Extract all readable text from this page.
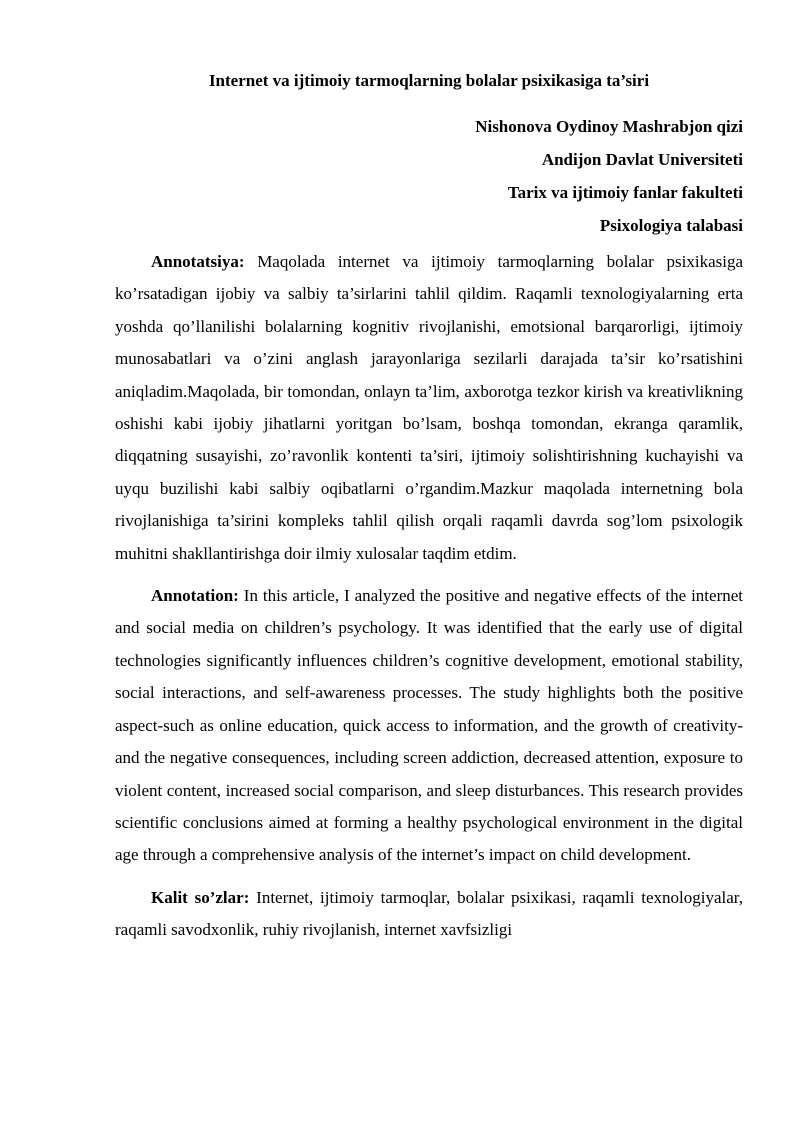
Internet va ijtimoiy tarmoqlarning bolalar psixikasiga ta’siri
Nishonova Oydinoy Mashrabjon qizi
Andijon Davlat Universiteti
Tarix va ijtimoiy fanlar fakulteti
Psixologiya talabasi

Annotatsiya: Maqolada internet va ijtimoiy tarmoqlarning bolalar psixikasiga ko’rsatadigan ijobiy va salbiy ta’sirlarini tahlil qildim. Raqamli texnologiyalarning erta yoshda qo’llanilishi bolalarning kognitiv rivojlanishi, emotsional barqarorligi, ijtimoiy munosabatlari va o’zini anglash jarayonlariga sezilarli darajada ta’sir ko’rsatishini aniqladim.Maqolada, bir tomondan, onlayn ta’lim, axborotga tezkor kirish va kreativlikning oshishi kabi ijobiy jihatlarni yoritgan bo’lsam, boshqa tomondan, ekranga qaramlik, diqqatning susayishi, zo’ravonlik kontenti ta’siri, ijtimoiy solishtirishning kuchayishi va uyqu buzilishi kabi salbiy oqibatlarni o’rgandim.Mazkur maqolada internetning bola rivojlanishiga ta’sirini kompleks tahlil qilish orqali raqamli davrda sog’lom psixologik muhitni shakllantirishga doir ilmiy xulosalar taqdim etdim.

Annotation: In this article, I analyzed the positive and negative effects of the internet and social media on children’s psychology. It was identified that the early use of digital technologies significantly influences children’s cognitive development, emotional stability, social interactions, and self-awareness processes. The study highlights both the positive aspect-such as online education, quick access to information, and the growth of creativity-and the negative consequences, including screen addiction, decreased attention, exposure to violent content, increased social comparison, and sleep disturbances. This research provides scientific conclusions aimed at forming a healthy psychological environment in the digital age through a comprehensive analysis of the internet’s impact on child development.

Kalit so’zlar: Internet, ijtimoiy tarmoqlar, bolalar psixikasi, raqamli texnologiyalar, raqamli savodxonlik, ruhiy rivojlanish, internet xavfsizligi
